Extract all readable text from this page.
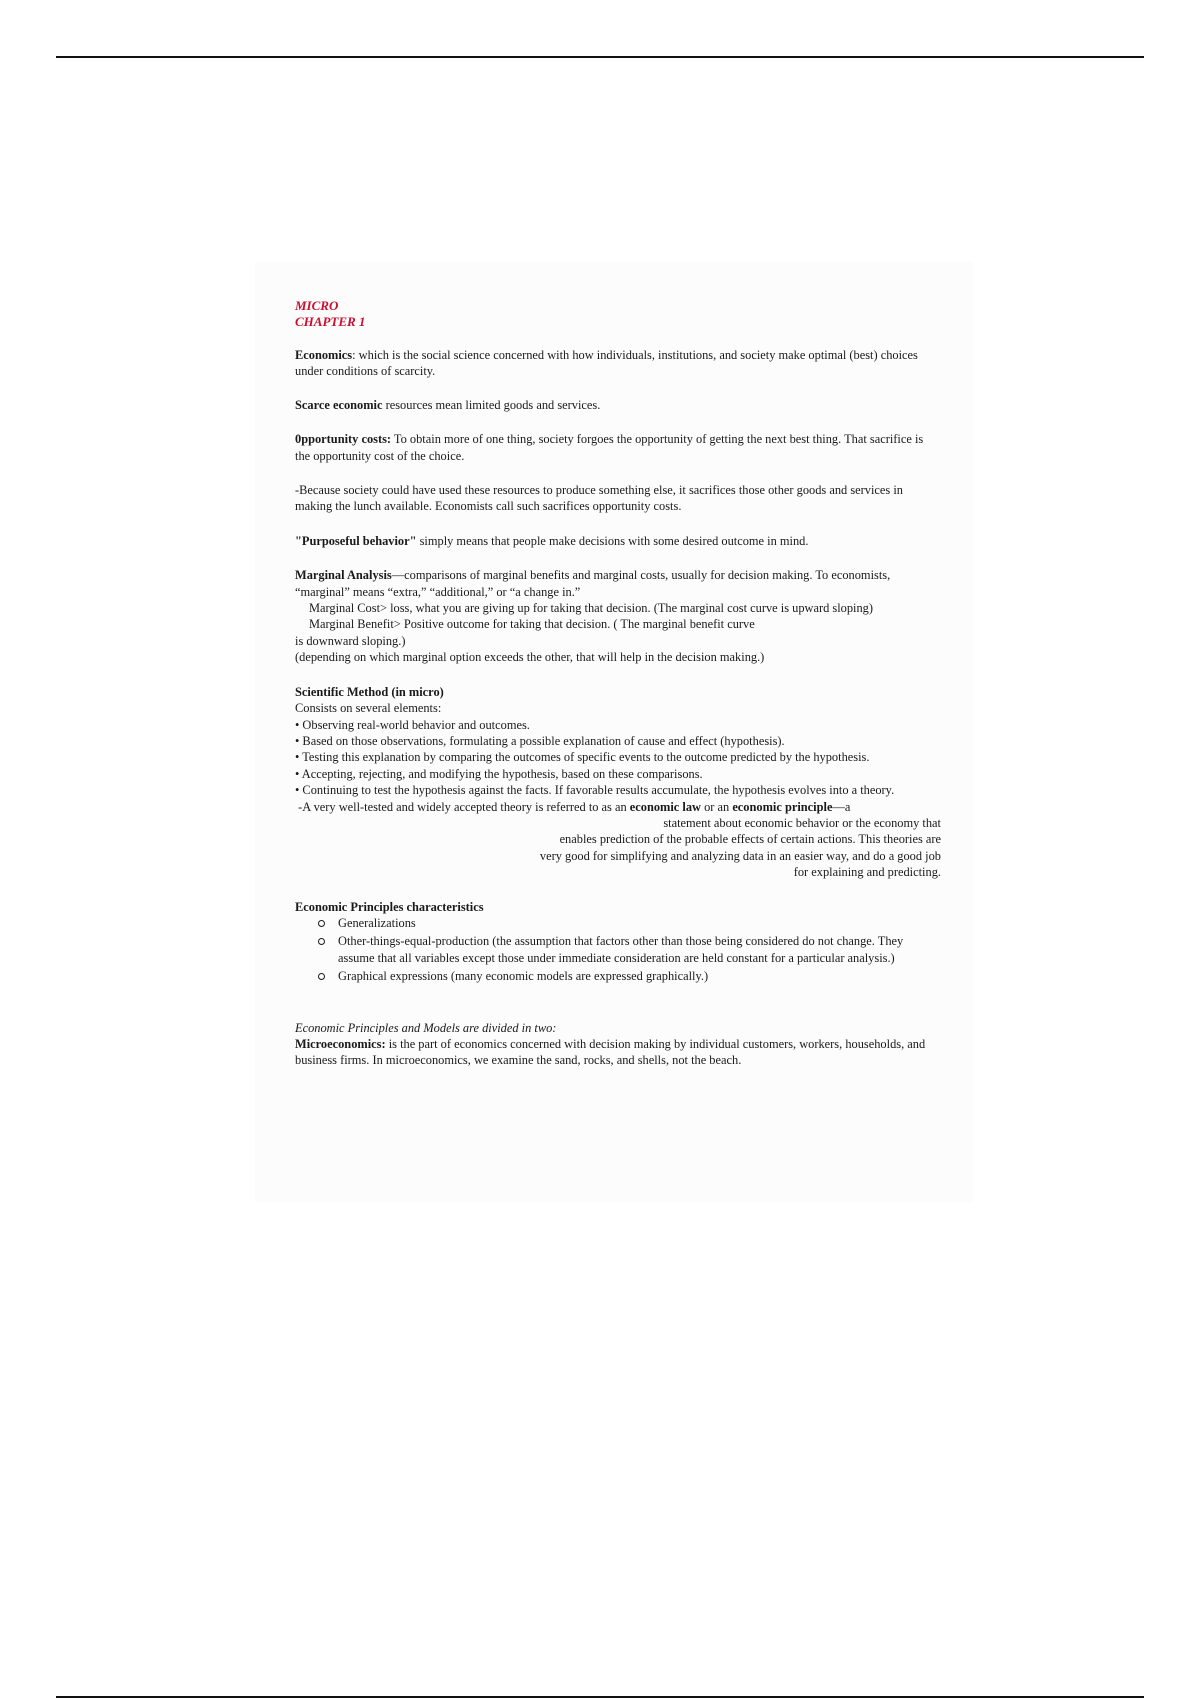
MICRO

CHAPTER 1

Economics: which is the social science concerned with how individuals, institutions, and society make optimal (best) choices under conditions of scarcity.

Scarce economic resources mean limited goods and services.

0pportunity costs: To obtain more of one thing, society forgoes the opportunity of getting the next best thing. That sacrifice is the opportunity cost of the choice.

-Because society could have used these resources to produce something else, it sacrifices those other goods and services in making the lunch available. Economists call such sacrifices opportunity costs.

"Purposeful behavior" simply means that people make decisions with some desired outcome in mind.

Marginal Analysis—comparisons of marginal benefits and marginal costs, usually for decision making. To economists, “marginal” means “extra,” “additional,” or “a change in.”

Marginal Cost> loss, what you are giving up for taking that decision. (The marginal cost curve is upward sloping)

Marginal Benefit> Positive outcome for taking that decision. ( The marginal benefit curve

is downward sloping.)

(depending on which marginal option exceeds the other, that will help in the decision making.)

Scientific Method (in micro)

Consists on several elements:

• Observing real-world behavior and outcomes.

• Based on those observations, formulating a possible explanation of cause and effect (hypothesis).

• Testing this explanation by comparing the outcomes of specific events to the outcome predicted by the hypothesis.

• Accepting, rejecting, and modifying the hypothesis, based on these comparisons.

• Continuing to test the hypothesis against the facts. If favorable results accumulate, the hypothesis evolves into a theory.

-A very well-tested and widely accepted theory is referred to as an economic law or an economic principle—a

statement about economic behavior or the economy that

enables prediction of the probable effects of certain actions. This theories are

very good for simplifying and analyzing data in an easier way, and do a good job

for explaining and predicting.

Economic Principles characteristics

Generalizations
Other-things-equal-production (the assumption that factors other than those being considered do not change. They assume that all variables except those under immediate consideration are held constant for a particular analysis.)
Graphical expressions (many economic models are expressed graphically.)

Economic Principles and Models are divided in two:

Microeconomics: is the part of economics concerned with decision making by individual customers, workers, households, and business firms. In microeconomics, we examine the sand, rocks, and shells, not the beach.
